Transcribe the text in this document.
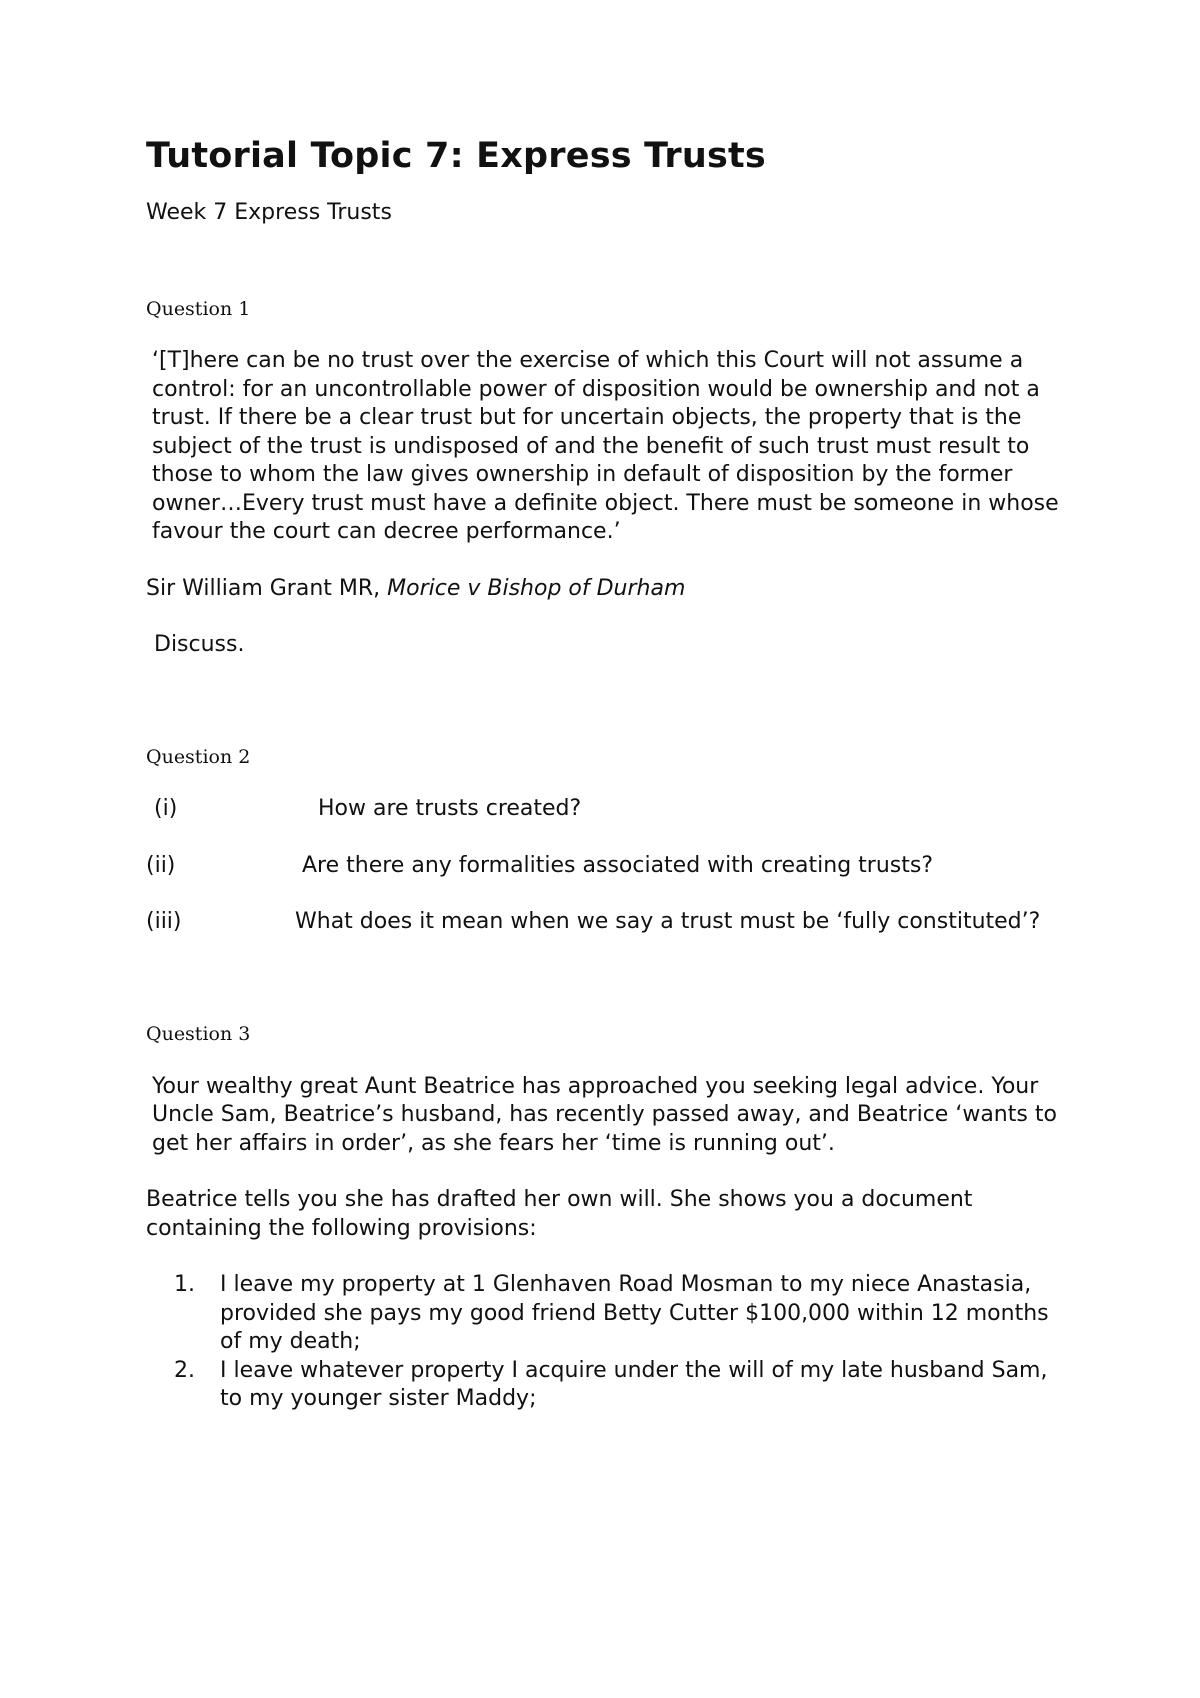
Tutorial Topic 7: Express Trusts
Week 7 Express Trusts
Question 1

‘[T]here can be no trust over the exercise of which this Court will not assume a control: for an uncontrollable power of disposition would be ownership and not a trust. If there be a clear trust but for uncertain objects, the property that is the subject of the trust is undisposed of and the benefit of such trust must result to those to whom the law gives ownership in default of disposition by the former owner…Every trust must have a definite object. There must be someone in whose favour the court can decree performance.’

Sir William Grant MR, Morice v Bishop of Durham

Discuss.

Question 2
(i)	How are trusts created?
(ii)	Are there any formalities associated with creating trusts?
(iii)	What does it mean when we say a trust must be ‘fully constituted’?
Question 3

Your wealthy great Aunt Beatrice has approached you seeking legal advice. Your Uncle Sam, Beatrice’s husband, has recently passed away, and Beatrice ‘wants to get her affairs in order’, as she fears her ‘time is running out’.

Beatrice tells you she has drafted her own will. She shows you a document containing the following provisions:

1. I leave my property at 1 Glenhaven Road Mosman to my niece Anastasia, provided she pays my good friend Betty Cutter $100,000 within 12 months of my death;
2. I leave whatever property I acquire under the will of my late husband Sam, to my younger sister Maddy;
